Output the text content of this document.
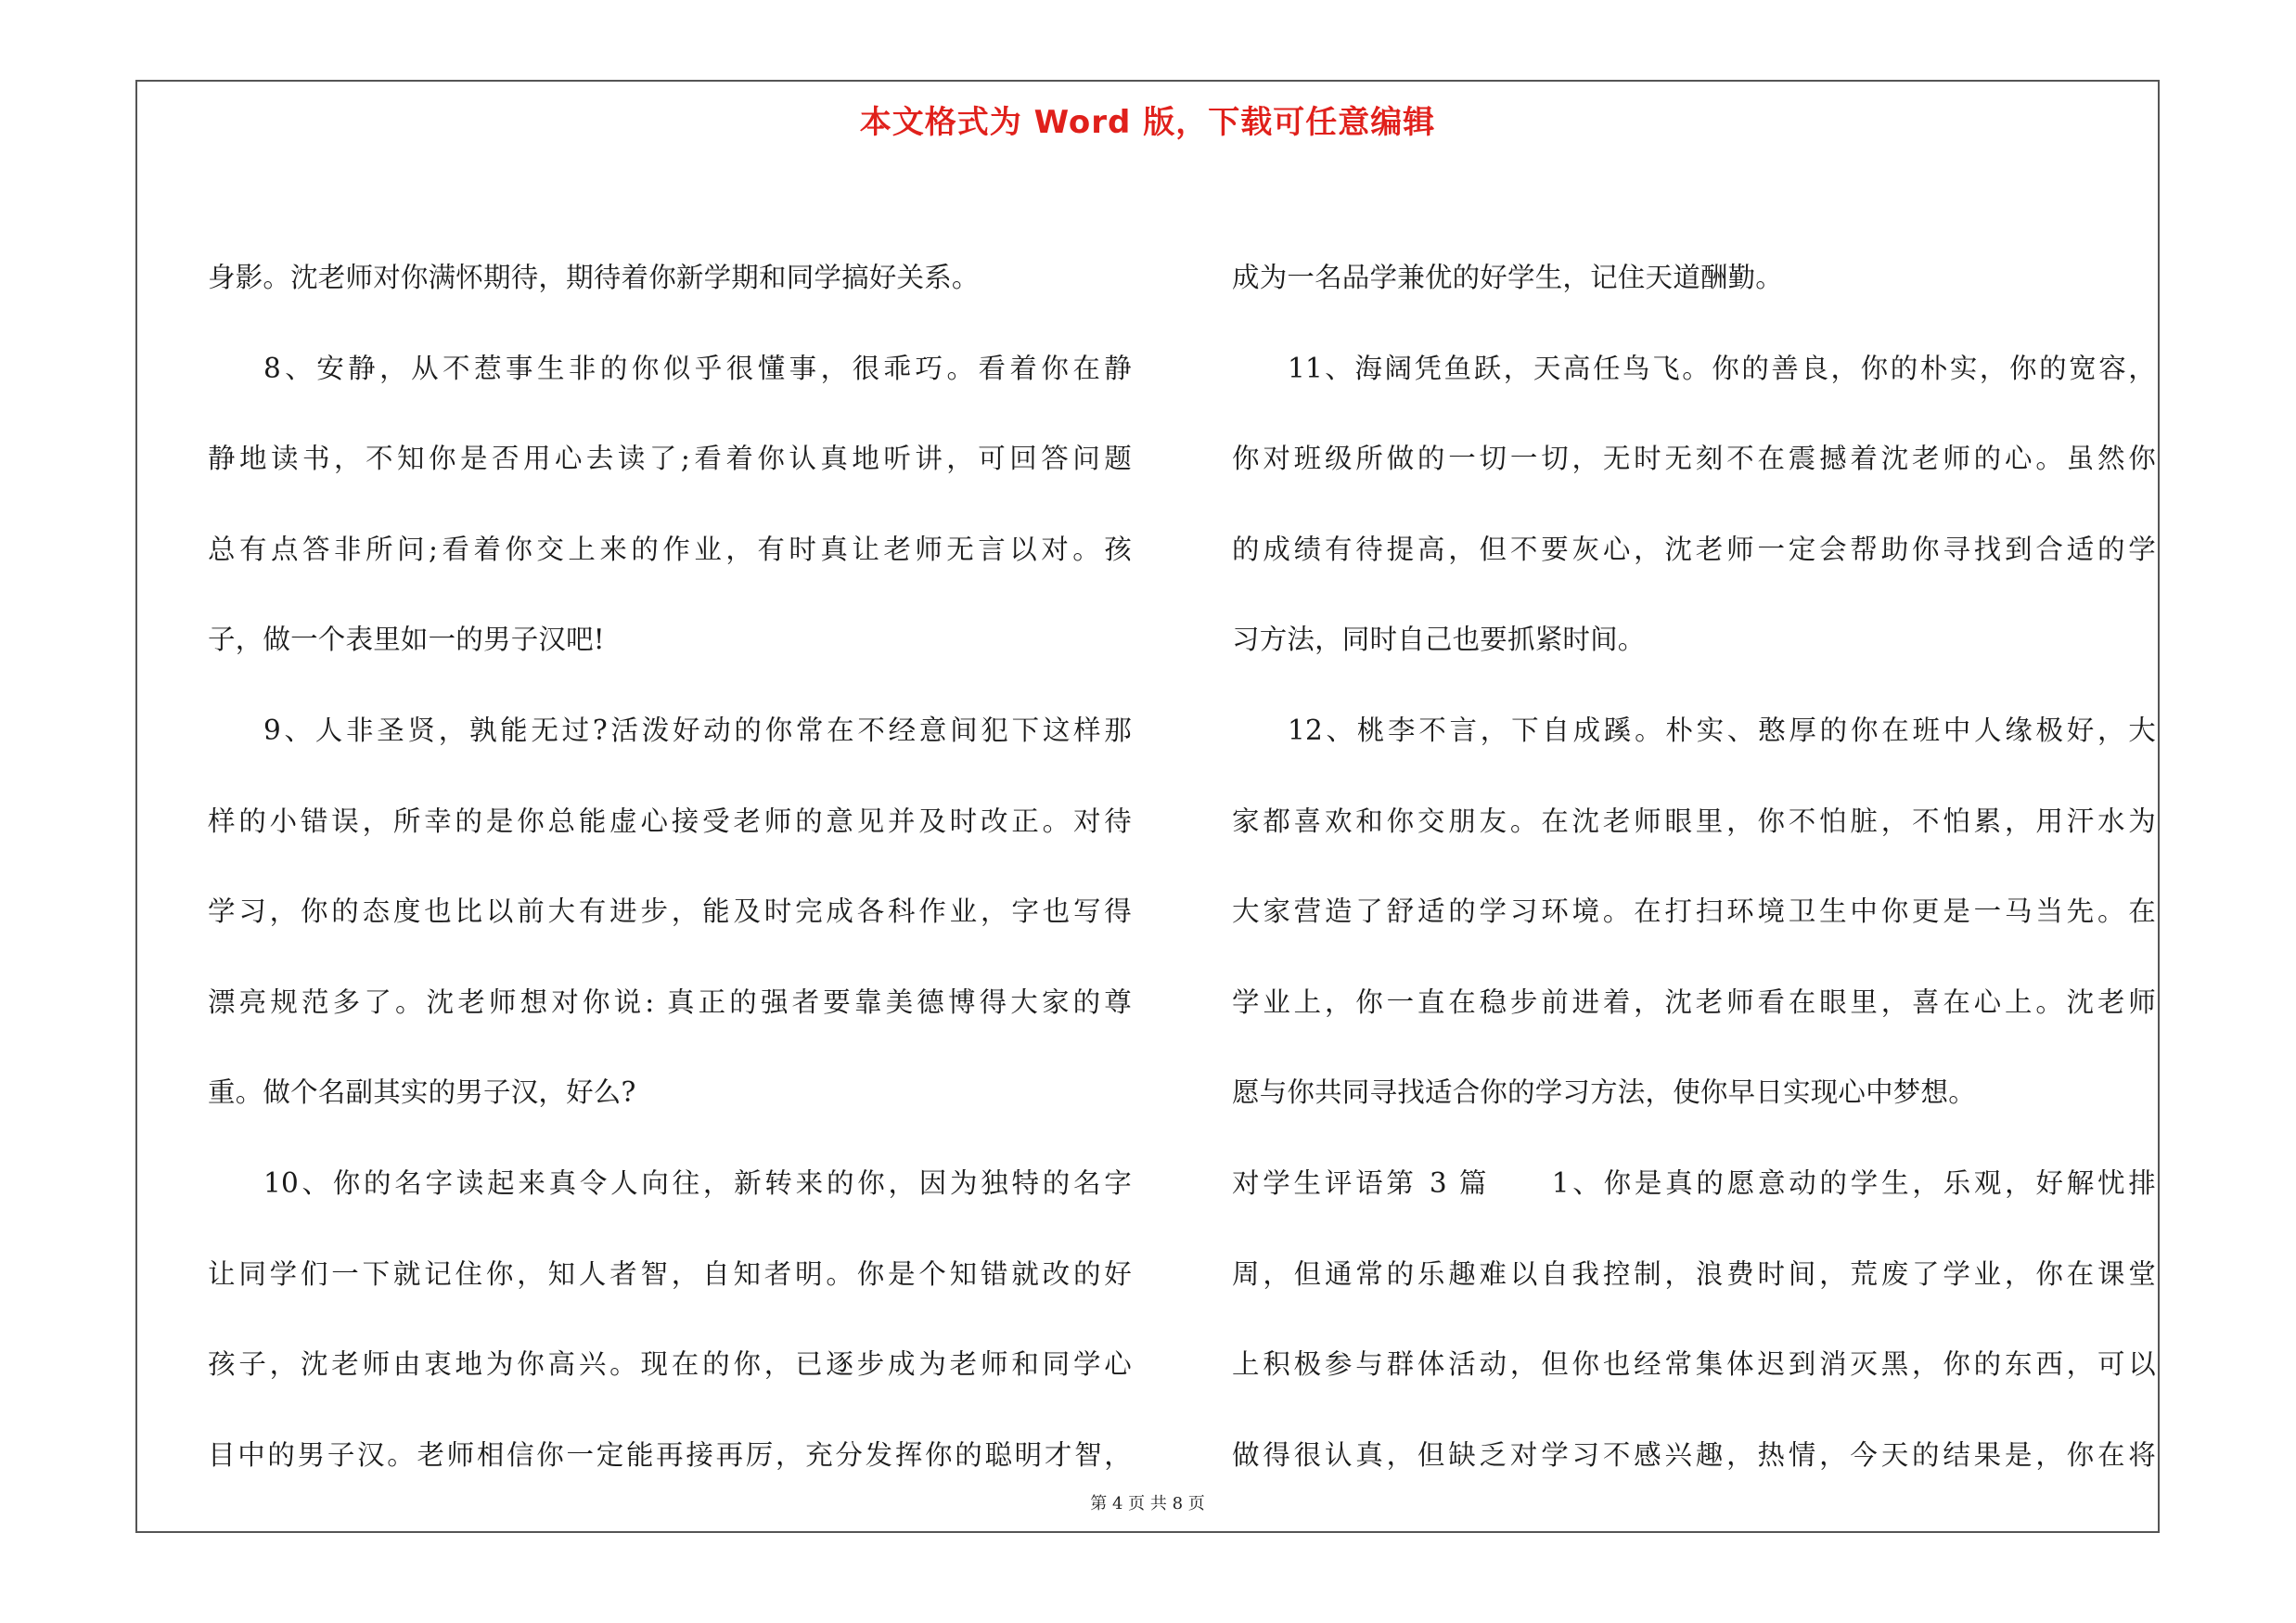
本文格式为 Word 版，下载可任意编辑
身影。沈老师对你满怀期待，期待着你新学期和同学搞好关系。
8、安静，从不惹事生非的你似乎很懂事，很乖巧。看着你在静
静地读书，不知你是否用心去读了;看着你认真地听讲，可回答问题
总有点答非所问;看着你交上来的作业，有时真让老师无言以对。孩
子，做一个表里如一的男子汉吧!
9、人非圣贤，孰能无过?活泼好动的你常在不经意间犯下这样那
样的小错误，所幸的是你总能虚心接受老师的意见并及时改正。对待
学习，你的态度也比以前大有进步，能及时完成各科作业，字也写得
漂亮规范多了。沈老师想对你说: 真正的强者要靠美德博得大家的尊
重。做个名副其实的男子汉，好么?
10、你的名字读起来真令人向往，新转来的你，因为独特的名字
让同学们一下就记住你，知人者智，自知者明。你是个知错就改的好
孩子，沈老师由衷地为你高兴。现在的你，已逐步成为老师和同学心
目中的男子汉。老师相信你一定能再接再厉，充分发挥你的聪明才智，
成为一名品学兼优的好学生，记住天道酬勤。
11、海阔凭鱼跃，天高任鸟飞。你的善良，你的朴实，你的宽容，
你对班级所做的一切一切，无时无刻不在震撼着沈老师的心。虽然你
的成绩有待提高，但不要灰心，沈老师一定会帮助你寻找到合适的学
习方法，同时自己也要抓紧时间。
12、桃李不言，下自成蹊。朴实、憨厚的你在班中人缘极好，大
家都喜欢和你交朋友。在沈老师眼里，你不怕脏，不怕累，用汗水为
大家营造了舒适的学习环境。在打扫环境卫生中你更是一马当先。在
学业上，你一直在稳步前进着，沈老师看在眼里，喜在心上。沈老师
愿与你共同寻找适合你的学习方法，使你早日实现心中梦想。
对学生评语第 3 篇　　1、你是真的愿意动的学生，乐观，好解忧排
周，但通常的乐趣难以自我控制，浪费时间，荒废了学业，你在课堂
上积极参与群体活动，但你也经常集体迟到消灭黑，你的东西，可以
做得很认真，但缺乏对学习不感兴趣，热情，今天的结果是，你在将
第 4 页 共 8 页
